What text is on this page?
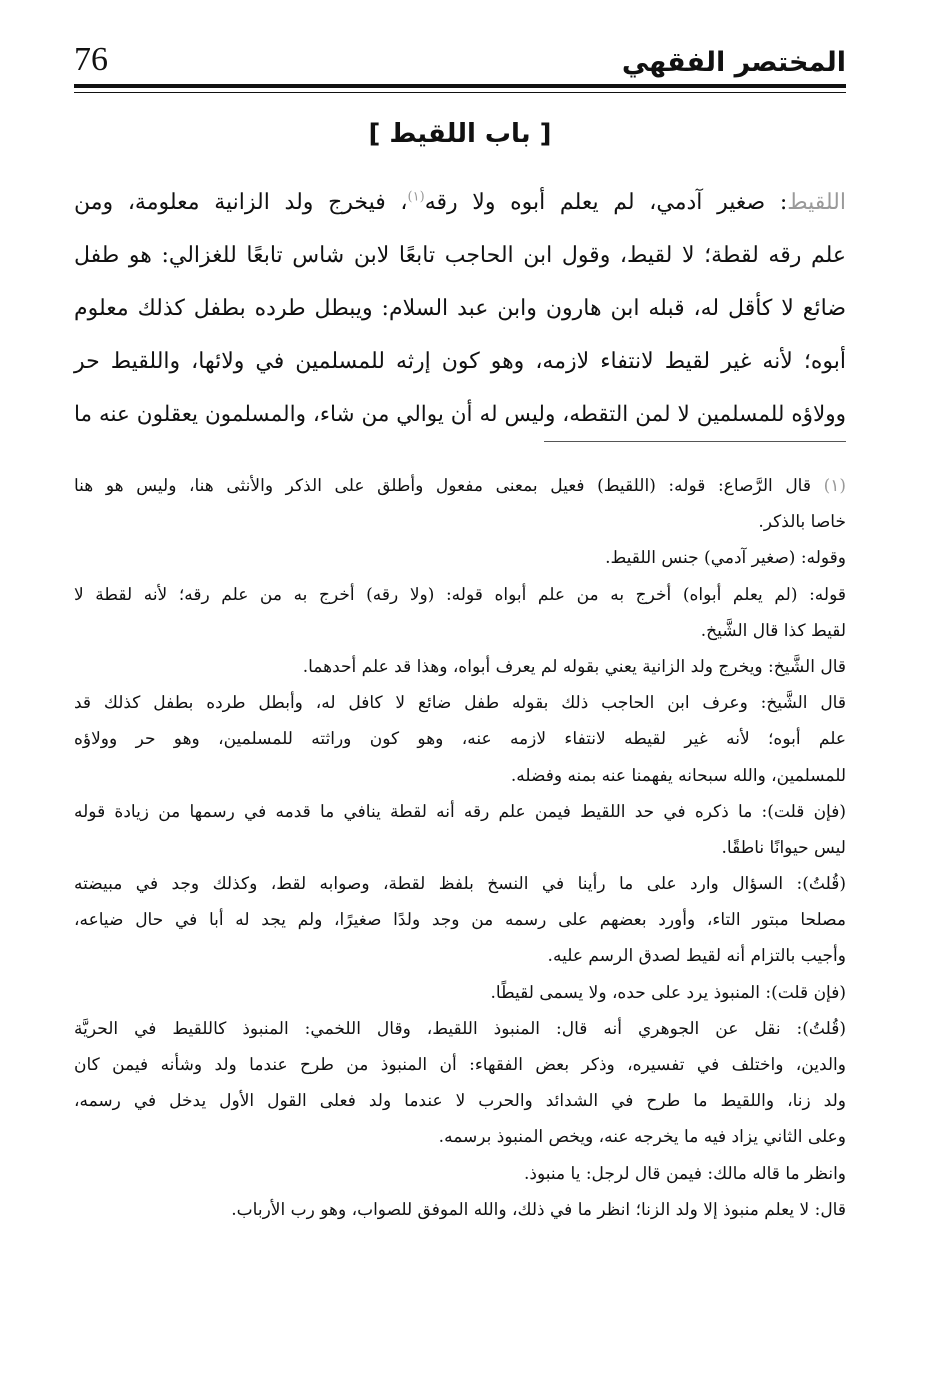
76	المختصر الفقهي
[ باب اللقيط ]
اللقيط: صغير آدمي، لم يعلم أبوه ولا رقه$^{(١)}$، فيخرج ولد الزانية معلومة، ومن
علم رقه لقطة؛ لا لقيط، وقول ابن الحاجب تابعًا لابن شاس تابعًا للغزالي: هو طفل
ضائع لا كأقل له، قبله ابن هارون وابن عبد السلام: ويبطل طرده بطفل كذلك معلوم
أبوه؛ لأنه غير لقيط لانتفاء لازمه، وهو كون إرثه للمسلمين في ولائها، واللقيط حر
وولاؤه للمسلمين لا لمن التقطه، وليس له أن يوالي من شاء، والمسلمون يعقلون عنه ما
(١) قال الرَّصاع: قوله: (اللقيط) فعيل بمعنى مفعول وأطلق على الذكر والأنثى هنا، وليس هو هنا
خاصا بالذكر.
وقوله: (صغير آدمي) جنس اللقيط.
قوله: (لم يعلم أبواه) أخرج به من علم أبواه قوله: (ولا رقه) أخرج به من علم رقه؛ لأنه لقطة لا
لقيط كذا قال الشَّيخ.
قال الشَّيخ: ويخرج ولد الزانية يعني بقوله لم يعرف أبواه، وهذا قد علم أحدهما.
قال الشَّيخ: وعرف ابن الحاجب ذلك بقوله طفل ضائع لا كافل له، وأبطل طرده بطفل كذلك قد
علم أبوه؛ لأنه غير لقيطه لانتفاء لازمه عنه، وهو كون وراثته للمسلمين، وهو حر وولاؤه
للمسلمين، والله سبحانه يفهمنا عنه بمنه وفضله.
(فإن قلت): ما ذكره في حد اللقيط فيمن علم رقه أنه لقطة ينافي ما قدمه في رسمها من زيادة قوله
ليس حيوانًا ناطقًا.
(قُلتُ): السؤال وارد على ما رأينا في النسخ بلفظ لقطة، وصوابه لقط، وكذلك وجد في مبيضته
مصلحا مبتور التاء، وأورد بعضهم على رسمه من وجد ولدًا صغيرًا، ولم يجد له أبا في حال ضياعه،
وأجيب بالتزام أنه لقيط لصدق الرسم عليه.
(فإن قلت): المنبوذ يرد على حده، ولا يسمى لقيطًا.
(قُلتُ): نقل عن الجوهري أنه قال: المنبوذ اللقيط، وقال اللخمي: المنبوذ كاللقيط في الحريَّة
والدين، واختلف في تفسيره، وذكر بعض الفقهاء: أن المنبوذ من طرح عندما ولد وشأنه فيمن كان
ولد زنا، واللقيط ما طرح في الشدائد والحرب لا عندما ولد فعلى القول الأول يدخل في رسمه،
وعلى الثاني يزاد فيه ما يخرجه عنه، ويخص المنبوذ برسمه.
وانظر ما قاله مالك: فيمن قال لرجل: يا منبوذ.
قال: لا يعلم منبوذ إلا ولد الزنا؛ انظر ما في ذلك، والله الموفق للصواب، وهو رب الأرباب.
